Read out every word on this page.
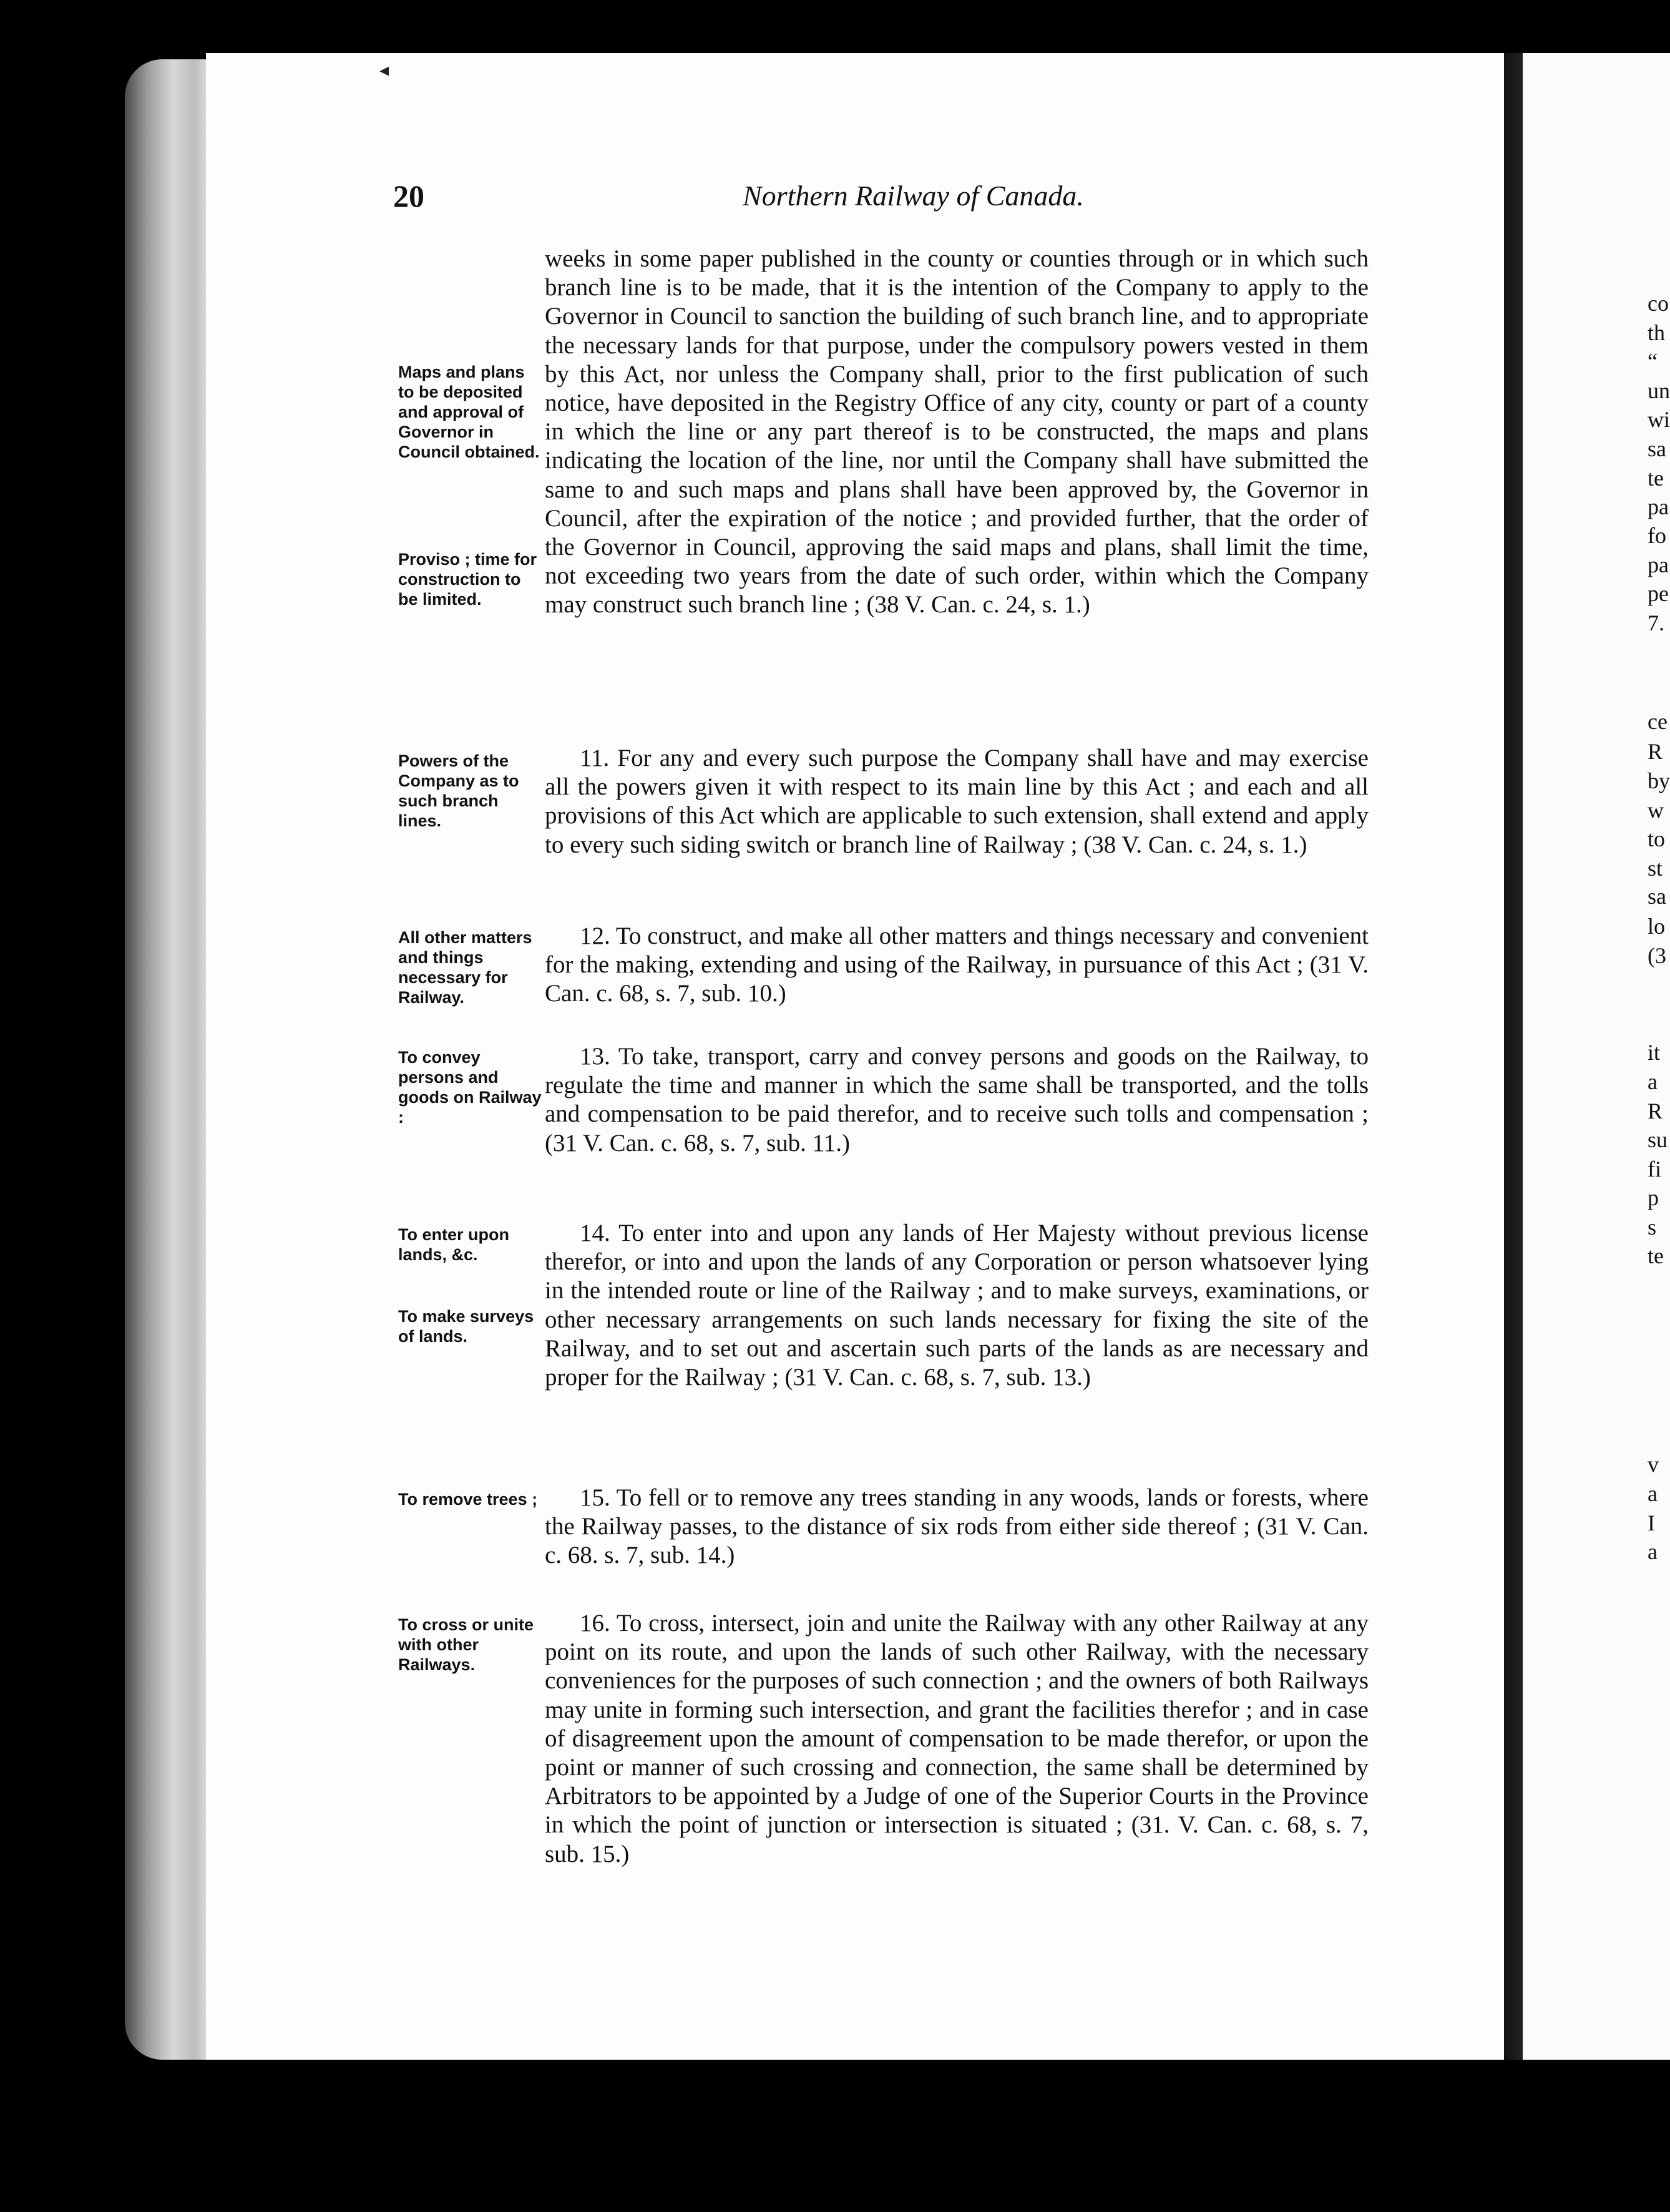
co
th
“
un
wi
sa
te
pa
fo
pa
pe
7.
ce
R
by
w
to
st
sa
lo
(3
it
a
R
su
fi
p
s
te
v
a
I
a
◂
20	Northern Railway of Canada.
Maps and plans to be deposited and approval of Governor in Council obtained.
Proviso ; time for construction to be limited.

weeks in some paper published in the county or counties through or in which such branch line is to be made, that it is the intention of the Company to apply to the Governor in Council to sanction the building of such branch line, and to appropriate the necessary lands for that purpose, under the compulsory powers vested in them by this Act, nor unless the Company shall, prior to the first publication of such notice, have deposited in the Registry Office of any city, county or part of a county in which the line or any part thereof is to be constructed, the maps and plans indicating the location of the line, nor until the Company shall have submitted the same to and such maps and plans shall have been approved by, the Governor in Council, after the expiration of the notice ; and provided further, that the order of the Governor in Council, approving the said maps and plans, shall limit the time, not exceeding two years from the date of such order, within which the Company may construct such branch line ; (38 V. Can. c. 24, s. 1.)

Powers of the Company as to such branch lines.

11. For any and every such purpose the Company shall have and may exercise all the powers given it with respect to its main line by this Act ; and each and all provisions of this Act which are applicable to such extension, shall extend and apply to every such siding switch or branch line of Railway ; (38 V. Can. c. 24, s. 1.)

All other matters and things necessary for Railway.

12. To construct, and make all other matters and things necessary and convenient for the making, extending and using of the Railway, in pursuance of this Act ; (31 V. Can. c. 68, s. 7, sub. 10.)

To convey persons and goods on Railway :

13. To take, transport, carry and convey persons and goods on the Railway, to regulate the time and manner in which the same shall be transported, and the tolls and compensation to be paid therefor, and to receive such tolls and compensation ; (31 V. Can. c. 68, s. 7, sub. 11.)

To enter upon lands, &c.
To make surveys of lands.

14. To enter into and upon any lands of Her Majesty without previous license therefor, or into and upon the lands of any Corporation or person whatsoever lying in the intended route or line of the Railway ; and to make surveys, examinations, or other necessary arrangements on such lands necessary for fixing the site of the Railway, and to set out and ascertain such parts of the lands as are necessary and proper for the Railway ; (31 V. Can. c. 68, s. 7, sub. 13.)

To remove trees ;	15. To fell or to remove any trees standing in any woods, lands or forests, where the Railway passes, to the distance of six rods from either side thereof ; (31 V. Can. c. 68. s. 7, sub. 14.)

To cross or unite with other Railways.

16. To cross, intersect, join and unite the Railway with any other Railway at any point on its route, and upon the lands of such other Railway, with the necessary conveniences for the purposes of such connection ; and the owners of both Railways may unite in forming such intersection, and grant the facilities therefor ; and in case of disagreement upon the amount of compensation to be made therefor, or upon the point or manner of such crossing and connection, the same shall be determined by Arbitrators to be appointed by a Judge of one of the Superior Courts in the Province in which the point of junction or intersection is situated ; (31. V. Can. c. 68, s. 7, sub. 15.)
